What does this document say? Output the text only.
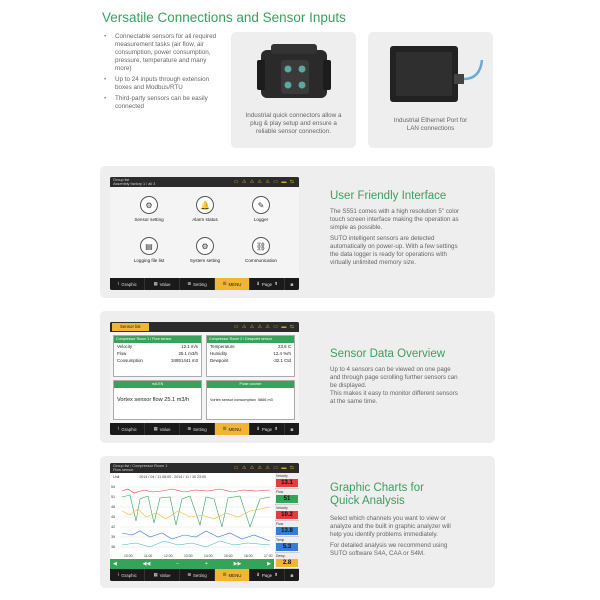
Versatile Connections and Sensor Inputs
• Connectable sensors for all required measurement tasks (air flow, air consumption, power consumption, pressure, temperature and many more)
• Up to 24 inputs through extension boxes and Modbus/RTU
• Third-party sensors can be easily connected
Industrial quick connectors allow a plug & play setup and ensure a reliable sensor connection.
Industrial Ethernet Port for LAN connections
Group list
Assembly factory 1 / all 3	▭ ⚠ ⚠ ⚠ ⚠ ▭ ▬ ⇆
⚙
Sensor setting
🔔
Alarm status
✎
Logger
▤
Logging file list
⚙
System setting
⛓
Communication
⌇ Graphic	▦ Value	⊞ Setting	☰ MENU	⬇ Page ⬆	◙
User Friendly Interface

The S551 comes with a high resolution 5" color touch screen interface making the operation as simple as possible.

SUTO intelligent sensors are detected automatically on power-up. With a few settings the data logger is ready for operations with virtually unlimited memory size.

Sensor list	▭ ⚠ ⚠ ⚠ ⚠ ▭ ▬ ⇆
Compressor Room 1 / Flow sensor
Velocity	12.1
m/s
Flow	25.1
m3/h
Consumption	34891441
m3
Compressor Room 2 / Dewpoint sensor
Temperature	23.6
C
Humidity	12.4
%rh
Dewpoint	-32.1
Ctd
mA.EN
Vortex sensor flow 25.1 m3/h
Pulse counter
Vortex sensor consumption 5666 m3
⌇ Graphic	▦ Value	⊞ Setting	☰ MENU	⬇ Page ⬆	◙
Sensor Data Overview

Up to 4 sensors can be viewed on one page and through page scrolling further sensors can be displayed.

This makes it easy to monitor different sensors at the same time.

Group list / Compressor Room 1
Flow sensor	▭ ⚠ ⚠ ⚠ ⚠ ▭ ▬ ⇆
Unit	2014 / 04 / 11 08:00 - 2014 / 11 / 30 23:00
54
51
48
45
42
39
36
10:00	11:00	12:00	13:00	14:00	15:00	16:00	17:00
◀	◀◀	−	+	▶▶	▶
Velocity
13.1
Flow
51
Velocity
10.2
Flow
13.8
Temp
5.3
Dewp.
2.8
⌇ Graphic	▦ Value	⊞ Setting	☰ MENU	⬇ Page ⬆	◙
Graphic Charts for
Quick Analysis

Select which channels you want to view or analyze and the built in graphic analyzer will help you identify problems immediately.

For detailed analysis we recommend using SUTO software S4A, CAA or S4M.
